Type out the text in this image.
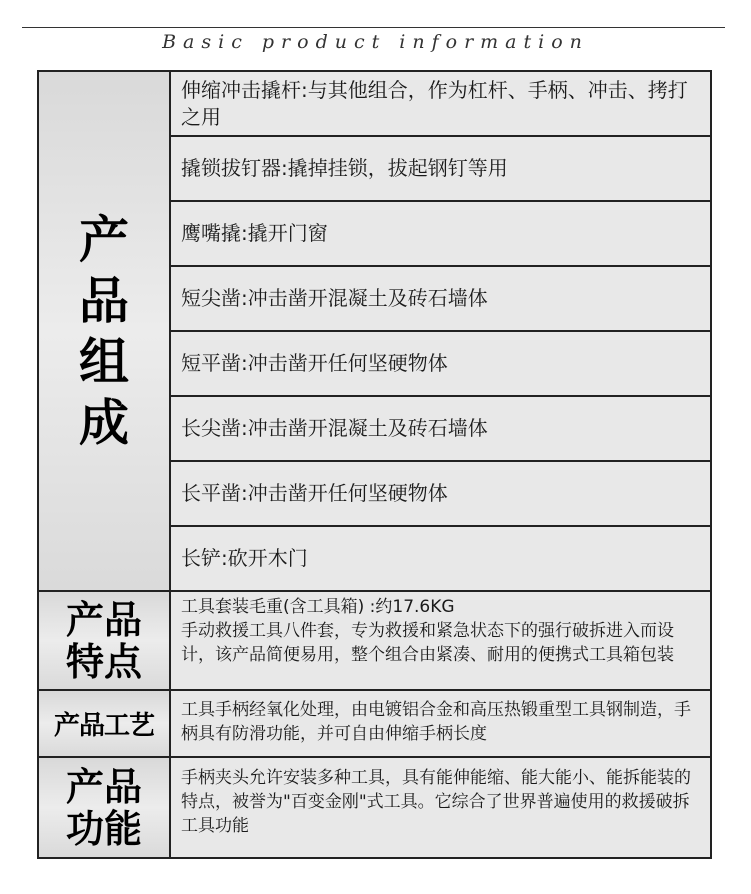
Basic product information
产品组成
伸缩冲击撬杆:与其他组合，作为杠杆、手柄、冲击、拷打之用
撬锁拔钉器:撬掉挂锁，拔起钢钉等用
鹰嘴撬:撬开门窗
短尖凿:冲击凿开混凝土及砖石墙体
短平凿:冲击凿开任何坚硬物体
长尖凿:冲击凿开混凝土及砖石墙体
长平凿:冲击凿开任何坚硬物体
长铲:砍开木门
产品特点
工具套装毛重(含工具箱) :约17.6KG
手动救援工具八件套，专为救援和紧急状态下的强行破拆进入而设计，该产品简便易用，整个组合由紧凑、耐用的便携式工具箱包装
产品工艺
工具手柄经氧化处理，由电镀铝合金和高压热锻重型工具钢制造，手柄具有防滑功能，并可自由伸缩手柄长度
产品功能
手柄夹头允许安装多种工具，具有能伸能缩、能大能小、能拆能装的特点，被誉为"百变金刚"式工具。它综合了世界普遍使用的救援破拆工具功能
